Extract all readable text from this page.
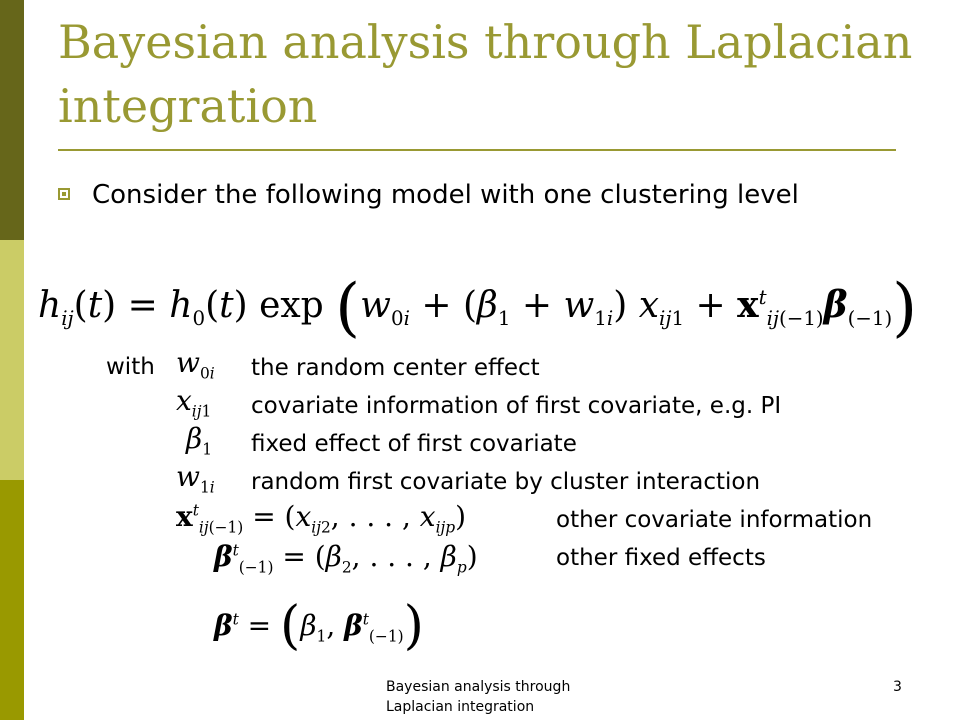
Bayesian analysis through Laplacian integration
Consider the following model with one clustering level
$h_{ij}(t) = h_0(t)$ $\exp (w_{0i} + (\beta_1 + w_{1i}) x_{ij1} + x^t_{ij(-1)}\beta_{(-1)})$
with $w_{0i}$ the random center effect
$x_{ij1}$ covariate information of first covariate, e.g. PI
$\beta_1$ fixed effect of first covariate
$w_{1i}$ random first covariate by cluster interaction
$x^t_{ij(-1)} = (x_{ij2}$, . . . , $x_{ijp}$)	other covariate information
$\beta^t_{(-1)} = (\beta_2$, . . . , $\beta_p$)	other fixed effects
$\beta^t = (\beta_1$, $\beta^t_{(-1)}$)
Bayesian analysis through Laplacian integration
3
